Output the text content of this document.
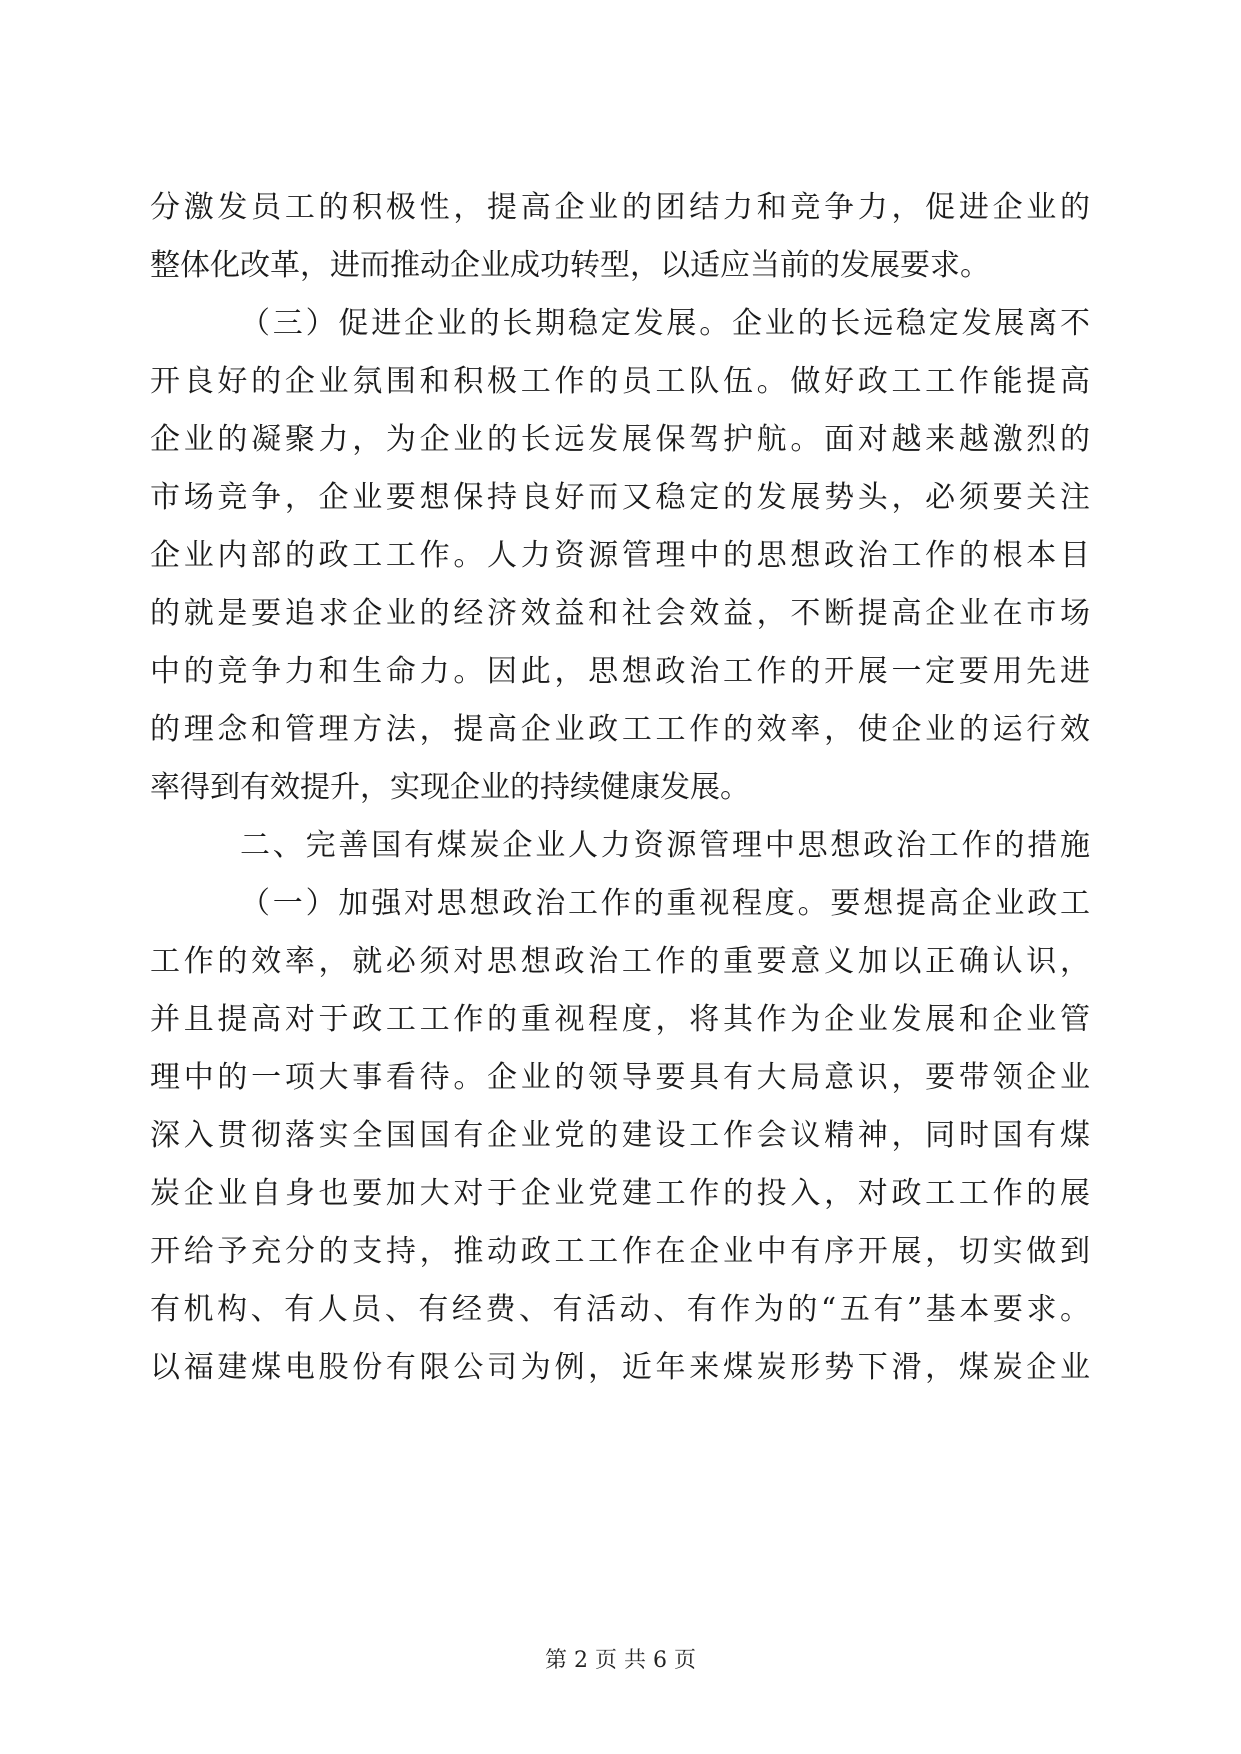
分激发员工的积极性，提高企业的团结力和竞争力，促进企业的
整体化改革，进而推动企业成功转型，以适应当前的发展要求。
（三）促进企业的长期稳定发展。企业的长远稳定发展离不
开良好的企业氛围和积极工作的员工队伍。做好政工工作能提高
企业的凝聚力，为企业的长远发展保驾护航。面对越来越激烈的
市场竞争，企业要想保持良好而又稳定的发展势头，必须要关注
企业内部的政工工作。人力资源管理中的思想政治工作的根本目
的就是要追求企业的经济效益和社会效益，不断提高企业在市场
中的竞争力和生命力。因此，思想政治工作的开展一定要用先进
的理念和管理方法，提高企业政工工作的效率，使企业的运行效
率得到有效提升，实现企业的持续健康发展。
二、完善国有煤炭企业人力资源管理中思想政治工作的措施
（一）加强对思想政治工作的重视程度。要想提高企业政工
工作的效率，就必须对思想政治工作的重要意义加以正确认识，
并且提高对于政工工作的重视程度，将其作为企业发展和企业管
理中的一项大事看待。企业的领导要具有大局意识，要带领企业
深入贯彻落实全国国有企业党的建设工作会议精神，同时国有煤
炭企业自身也要加大对于企业党建工作的投入，对政工工作的展
开给予充分的支持，推动政工工作在企业中有序开展，切实做到
有机构、有人员、有经费、有活动、有作为的“五有”基本要求。
以福建煤电股份有限公司为例，近年来煤炭形势下滑，煤炭企业
第 2 页 共 6 页
